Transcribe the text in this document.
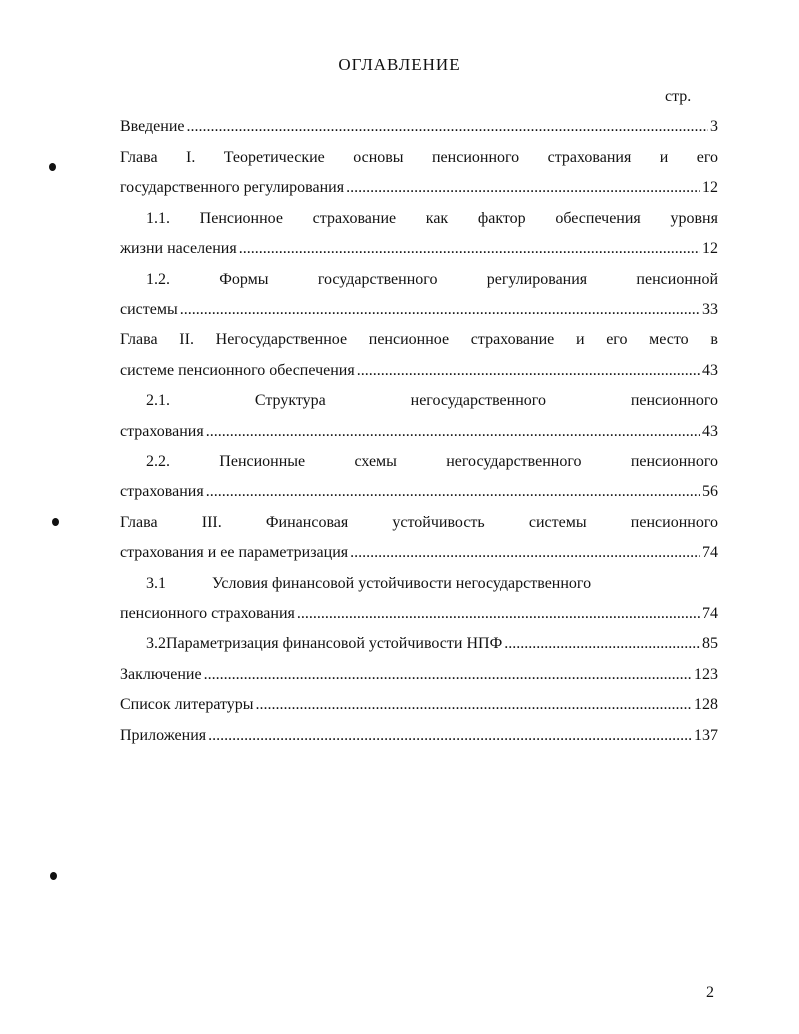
ОГЛАВЛЕНИЕ
стр.
Введение .....	3
Глава I. Теоретические основы пенсионного страхования и его
государственного регулирования .....	12
1.1. Пенсионное страхование как фактор обеспечения уровня
жизни населения .....	12
1.2.	Формы	государственного	регулирования	пенсионной
системы .....	33
Глава II. Негосударственное пенсионное страхование и его место в
системе пенсионного обеспечения .....	43
2.1.	Структура	негосударственного	пенсионного
страхования .....	43
2.2.	Пенсионные	схемы	негосударственного	пенсионного
страхования .....	56
Глава	III.	Финансовая	устойчивость	системы	пенсионного
страхования и ее параметризация .....	74
3.1	Условия финансовой устойчивости негосударственного
пенсионного страхования .....	74
3.2 Параметризация финансовой устойчивости НПФ .....	85
Заключение .....	123
Список литературы .....	128
Приложения .....	137
2
